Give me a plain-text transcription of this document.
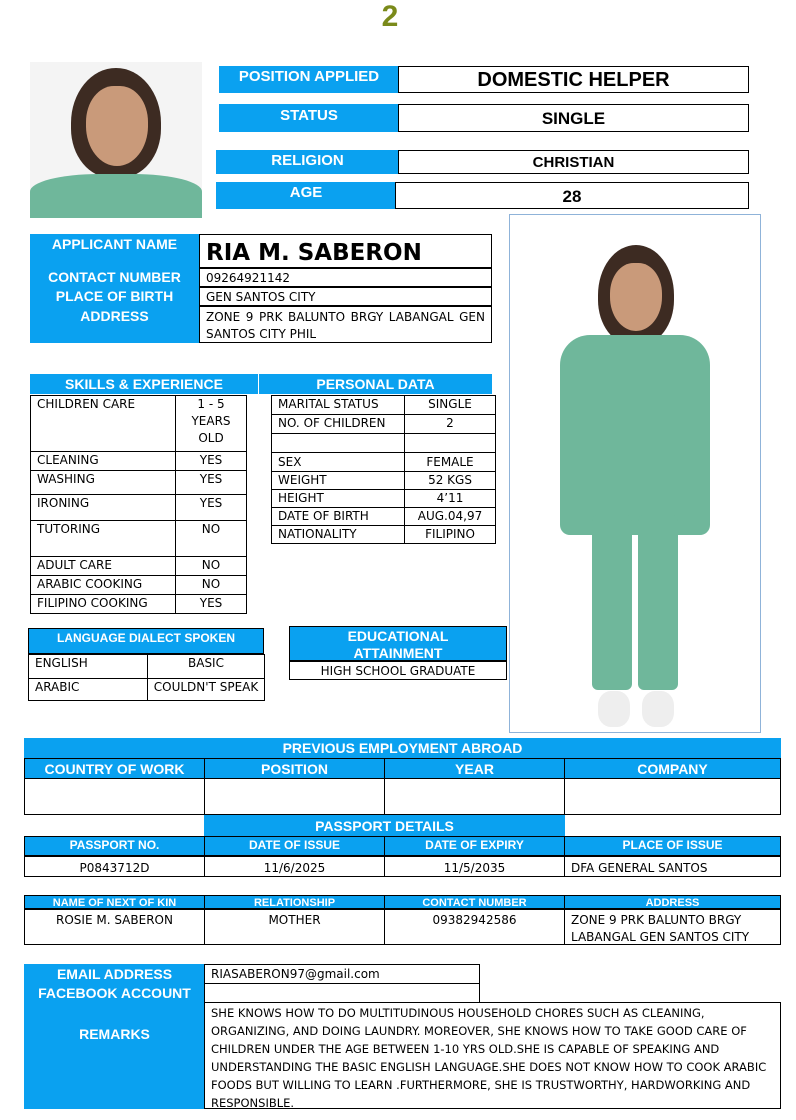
2
POSITION APPLIED	DOMESTIC HELPER
STATUS	SINGLE
RELIGION	CHRISTIAN
AGE	28
APPLICANT NAME	RIA M. SABERON
CONTACT NUMBER	09264921142
PLACE OF BIRTH	GEN SANTOS CITY
ADDRESS	ZONE 9 PRK BALUNTO BRGY LABANGAL GEN SANTOS CITY PHIL
SKILLS & EXPERIENCE	PERSONAL DATA
CHILDREN CARE	1 - 5 YEARS OLD
CLEANING	YES
WASHING	YES
IRONING	YES
TUTORING	NO
ADULT CARE	NO
ARABIC COOKING	NO
FILIPINO COOKING	YES
MARITAL STATUS	SINGLE
NO. OF CHILDREN	2

SEX	FEMALE
WEIGHT	52 KGS
HEIGHT	4’11
DATE OF BIRTH	AUG.04,97
NATIONALITY	FILIPINO
LANGUAGE DIALECT SPOKEN
ENGLISH	BASIC
ARABIC	COULDN'T SPEAK
EDUCATIONAL ATTAINMENT
HIGH SCHOOL GRADUATE
PREVIOUS EMPLOYMENT ABROAD
COUNTRY OF WORK	POSITION	YEAR	COMPANY
PASSPORT DETAILS
PASSPORT NO.	DATE OF ISSUE	DATE OF EXPIRY	PLACE OF ISSUE
P0843712D	11/6/2025	11/5/2035	DFA GENERAL SANTOS
NAME OF NEXT OF KIN	RELATIONSHIP	CONTACT NUMBER	ADDRESS
ROSIE M. SABERON	MOTHER	09382942586	ZONE 9 PRK BALUNTO BRGY LABANGAL GEN SANTOS CITY
EMAIL ADDRESS	RIASABERON97@gmail.com
FACEBOOK ACCOUNT
REMARKS
SHE KNOWS HOW TO DO MULTITUDINOUS HOUSEHOLD CHORES SUCH AS CLEANING, ORGANIZING, AND DOING LAUNDRY. MOREOVER, SHE KNOWS HOW TO TAKE GOOD CARE OF CHILDREN UNDER THE AGE BETWEEN 1-10 YRS OLD.SHE IS CAPABLE OF SPEAKING AND UNDERSTANDING THE BASIC ENGLISH LANGUAGE.SHE DOES NOT KNOW HOW TO COOK ARABIC FOODS BUT WILLING TO LEARN .FURTHERMORE, SHE IS TRUSTWORTHY, HARDWORKING AND RESPONSIBLE.
